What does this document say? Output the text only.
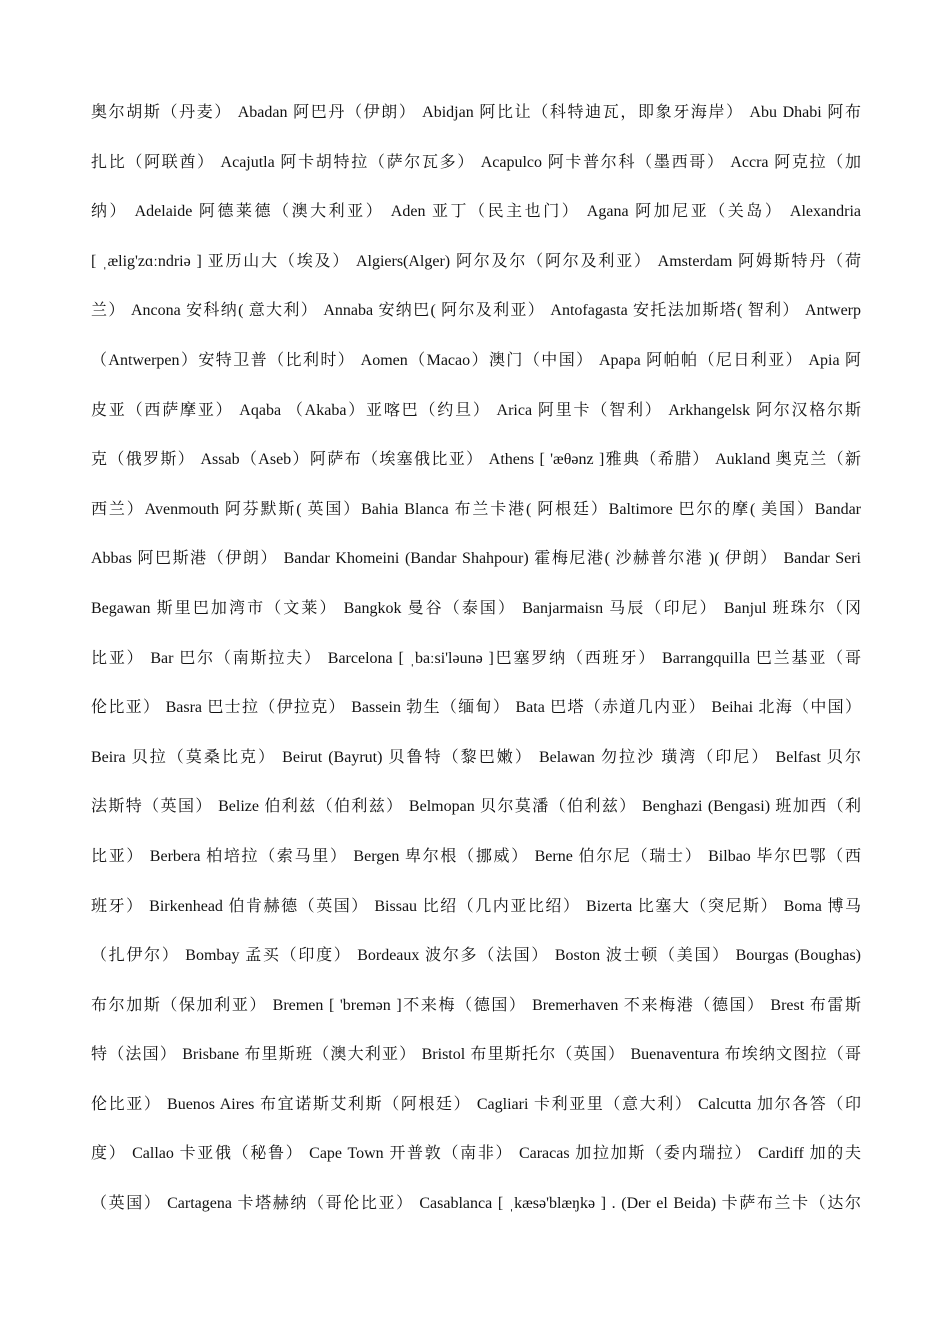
奥尔胡斯（丹麦） Abadan 阿巴丹（伊朗） Abidjan 阿比让（科特迪瓦，即象牙海岸） Abu Dhabi 阿布
扎比（阿联酋） Acajutla 阿卡胡特拉（萨尔瓦多） Acapulco 阿卡普尔科（墨西哥） Accra 阿克拉（加
纳） Adelaide 阿德莱德（澳大利亚） Aden 亚丁（民主也门） Agana 阿加尼亚（关岛） Alexandria
[ ˌælig'zɑːndriə ] 亚历山大（埃及） Algiers(Alger) 阿尔及尔（阿尔及利亚） Amsterdam 阿姆斯特丹（荷
兰） Ancona 安科纳( 意大利） Annaba 安纳巴( 阿尔及利亚） Antofagasta 安托法加斯塔( 智利） Antwerp
（Antwerpen）安特卫普（比利时） Aomen（Macao）澳门（中国） Apapa 阿帕帕（尼日利亚） Apia 阿
皮亚（西萨摩亚） Aqaba （Akaba）亚喀巴（约旦） Arica 阿里卡（智利） Arkhangelsk 阿尔汉格尔斯
克（俄罗斯） Assab（Aseb）阿萨布（埃塞俄比亚） Athens [ 'æθənz ]雅典（希腊） Aukland 奥克兰（新
西兰）Avenmouth 阿芬默斯( 英国）Bahia Blanca 布兰卡港( 阿根廷）Baltimore 巴尔的摩( 美国）Bandar
Abbas 阿巴斯港（伊朗） Bandar Khomeini (Bandar Shahpour) 霍梅尼港( 沙赫普尔港 )( 伊朗） Bandar Seri
Begawan 斯里巴加湾市（文莱） Bangkok 曼谷（泰国） Banjarmaisn 马辰（印尼） Banjul 班珠尔（冈
比亚） Bar 巴尔（南斯拉夫） Barcelona [ ˌbaːsi'ləunə ]巴塞罗纳（西班牙） Barrangquilla 巴兰基亚（哥
伦比亚） Basra 巴士拉（伊拉克） Bassein 勃生（缅甸） Bata 巴塔（赤道几内亚） Beihai 北海（中国）
Beira 贝拉（莫桑比克） Beirut (Bayrut) 贝鲁特（黎巴嫩） Belawan 勿拉沙 璜湾（印尼） Belfast 贝尔
法斯特（英国） Belize 伯利兹（伯利兹） Belmopan 贝尔莫潘（伯利兹） Benghazi (Bengasi) 班加西（利
比亚） Berbera 柏培拉（索马里） Bergen 卑尔根（挪威） Berne 伯尔尼（瑞士） Bilbao 毕尔巴鄂（西
班牙） Birkenhead 伯肯赫德（英国） Bissau 比绍（几内亚比绍） Bizerta 比塞大（突尼斯） Boma 博马
（扎伊尔） Bombay 孟买（印度） Bordeaux 波尔多（法国） Boston 波士顿（美国） Bourgas (Boughas)
布尔加斯（保加利亚） Bremen [ 'bremən ]不来梅（德国） Bremerhaven 不来梅港（德国） Brest 布雷斯
特（法国） Brisbane 布里斯班（澳大利亚） Bristol 布里斯托尔（英国） Buenaventura 布埃纳文图拉（哥
伦比亚） Buenos Aires 布宜诺斯艾利斯（阿根廷） Cagliari 卡利亚里（意大利） Calcutta 加尔各答（印
度） Callao 卡亚俄（秘鲁） Cape Town 开普敦（南非） Caracas 加拉加斯（委内瑞拉） Cardiff 加的夫
（英国） Cartagena 卡塔赫纳（哥伦比亚） Casablanca [ ˌkæsə'blæŋkə ] . (Der el Beida) 卡萨布兰卡（达尔
